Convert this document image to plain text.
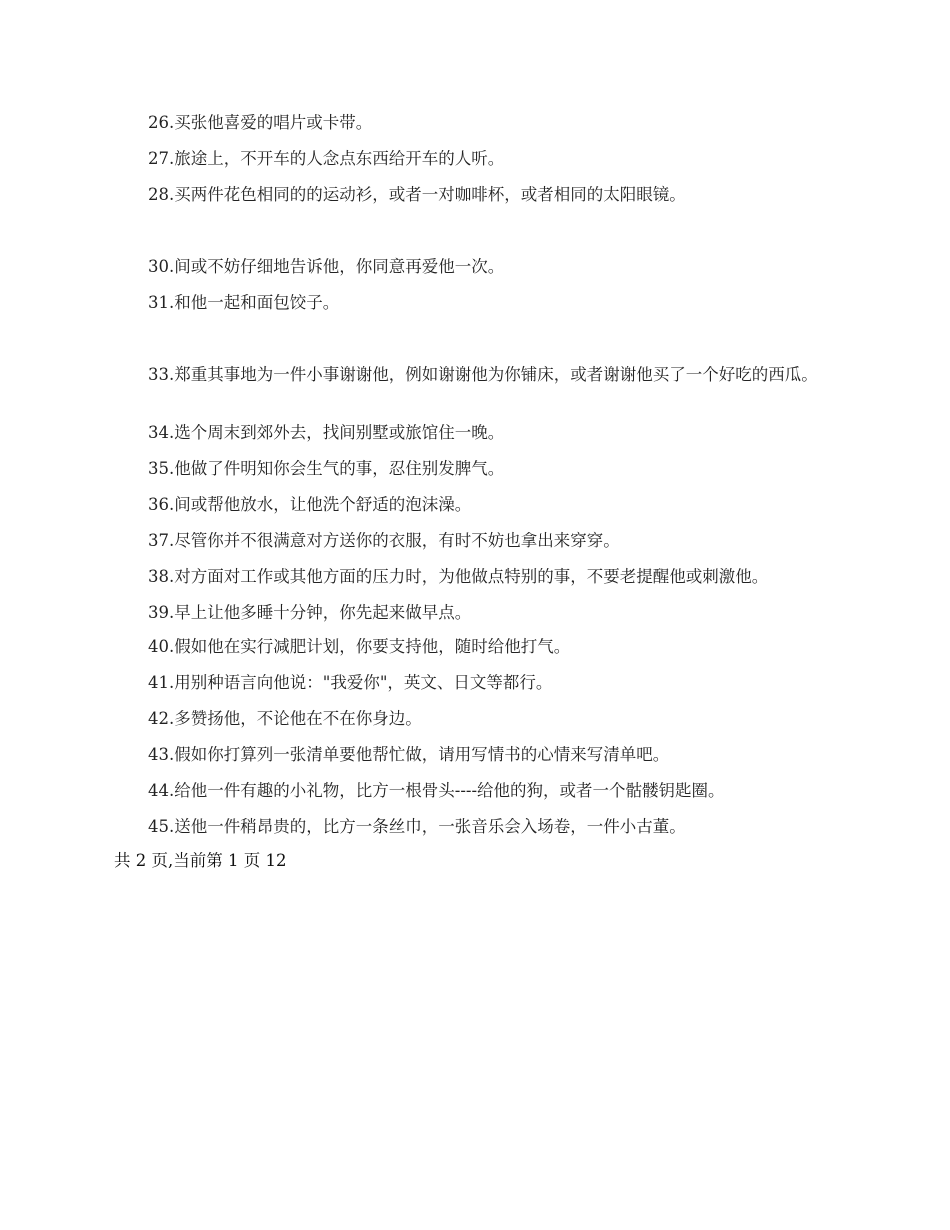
26.买张他喜爱的唱片或卡带。
27.旅途上，不开车的人念点东西给开车的人听。
28.买两件花色相同的的运动衫，或者一对咖啡杯，或者相同的太阳眼镜。
30.间或不妨仔细地告诉他，你同意再爱他一次。
31.和他一起和面包饺子。
33.郑重其事地为一件小事谢谢他，例如谢谢他为你铺床，或者谢谢他买了一个好吃的西瓜。
34.选个周末到郊外去，找间别墅或旅馆住一晚。
35.他做了件明知你会生气的事，忍住别发脾气。
36.间或帮他放水，让他洗个舒适的泡沫澡。
37.尽管你并不很满意对方送你的衣服，有时不妨也拿出来穿穿。
38.对方面对工作或其他方面的压力时，为他做点特别的事，不要老提醒他或刺激他。
39.早上让他多睡十分钟，你先起来做早点。
40.假如他在实行减肥计划，你要支持他，随时给他打气。
41.用别种语言向他说："我爱你"，英文、日文等都行。
42.多赞扬他，不论他在不在你身边。
43.假如你打算列一张清单要他帮忙做，请用写情书的心情来写清单吧。
44.给他一件有趣的小礼物，比方一根骨头----给他的狗，或者一个骷髅钥匙圈。
45.送他一件稍昂贵的，比方一条丝巾，一张音乐会入场卷，一件小古董。
共 2 页,当前第 1 页 12
